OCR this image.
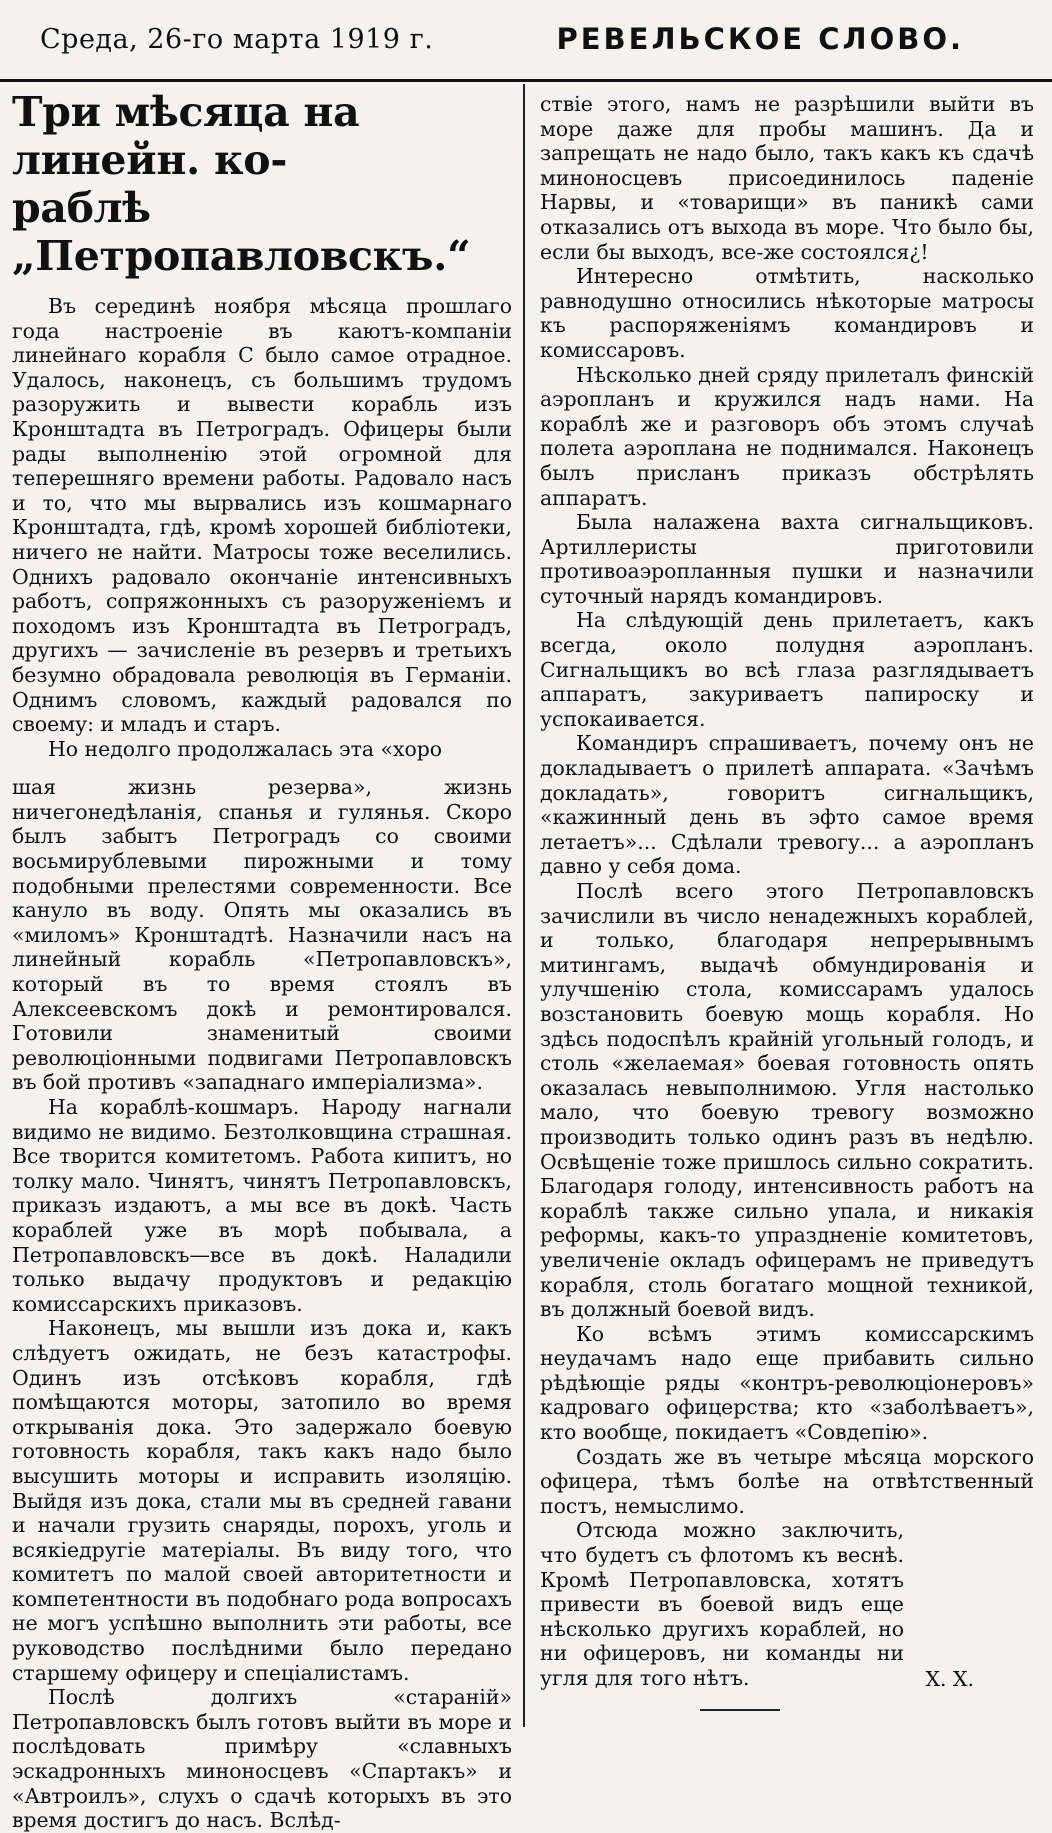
Среда, 26-го марта 1919 г.	РЕВЕЛЬСКОЕ СЛОВО.
Три мѣсяца на линейн. ко-
раблѣ „Петропавловскъ.“

Въ серединѣ ноября мѣсяца прошлаго года настроеніе въ каютъ-компаніи линейнаго корабля С было самое отрадное. Удалось, наконецъ, съ большимъ трудомъ разоружить и вывести корабль изъ Кронштадта въ Петроградъ. Офицеры были рады выполненію этой огромной для теперешняго времени работы. Радовало насъ и то, что мы вырвались изъ кошмарнаго Кронштадта, гдѣ, кромѣ хорошей библіотеки, ничего не найти. Матросы тоже веселились. Однихъ радовало окончаніе интенсивныхъ работъ, сопряжонныхъ съ разоруженіемъ и походомъ изъ Кронштадта въ Петроградъ, другихъ — зачисленіе въ резервъ и третьихъ безумно обрадовала революція въ Германіи. Однимъ словомъ, каждый радовался по своему: и младъ и старъ.

Но недолго продолжалась эта «хоро

шая жизнь резерва», жизнь ничегонедѣланія, спанья и гулянья. Скоро былъ забытъ Петроградъ со своими восьмирублевыми пирожными и тому подобными прелестями современности. Все кануло въ воду. Опять мы оказались въ «миломъ» Кронштадтѣ. Назначили насъ на линейный корабль «Петропавловскъ», который въ то время стоялъ въ Алексеевскомъ докѣ и ремонтировался. Готовили знаменитый своими революціонными подвигами Петропавловскъ въ бой противъ «западнаго имперіализма».

На кораблѣ-кошмаръ. Народу нагнали видимо не видимо. Безтолковщина страшная. Все творится комитетомъ. Работа кипитъ, но толку мало. Чинятъ, чинятъ Петропавловскъ, приказъ издаютъ, а мы все въ докѣ. Часть кораблей уже въ морѣ побывала, а Петропавловскъ—все въ докѣ. Наладили только выдачу продуктовъ и редакцію комиссарскихъ приказовъ.

Наконецъ, мы вышли изъ дока и, какъ слѣдуетъ ожидать, не безъ катастрофы. Одинъ изъ отсѣковъ корабля, гдѣ помѣщаются моторы, затопило во время открыванія дока. Это задержало боевую готовность корабля, такъ какъ надо было высушить моторы и исправить изоляцію. Выйдя изъ дока, стали мы въ средней гавани и начали грузить снаряды, порохъ, уголь и всякіедругіе матеріалы. Въ виду того, что комитетъ по малой своей авторитетности и компетентности въ подобнаго рода вопросахъ не могъ успѣшно выполнить эти работы, все руководство послѣдними было передано старшему офицеру и спеціалистамъ.

Послѣ долгихъ «стараній» Петропавловскъ былъ готовъ выйти въ море и послѣдовать примѣру «славныхъ эскадронныхъ миноносцевъ «Спартакъ» и «Автроилъ», слухъ о сдачѣ которыхъ въ это время достигъ до насъ. Вслѣд-

ствіе этого, намъ не разрѣшили выйти въ море даже для пробы машинъ. Да и запрещать не надо было, такъ какъ къ сдачѣ миноносцевъ присоединилось паденіе Нарвы, и «товарищи» въ паникѣ сами отказались отъ выхода въ море. Что было бы, если бы выходъ, все-же состоялся¿!

Интересно отмѣтить, насколько равнодушно относились нѣкоторые матросы къ распоряженіямъ командировъ и комиссаровъ.

Нѣсколько дней сряду прилеталъ финскій аэропланъ и кружился надъ нами. На кораблѣ же и разговоръ объ этомъ случаѣ полета аэроплана не поднимался. Наконецъ былъ присланъ приказъ обстрѣлять аппаратъ.

Была налажена вахта сигнальщиковъ. Артиллеристы приготовили противоаэропланныя пушки и назначили суточный нарядъ командировъ.

На слѣдующій день прилетаетъ, какъ всегда, около полудня аэропланъ. Сигнальщикъ во всѣ глаза разглядываетъ аппаратъ, закуриваетъ папироску и успокаивается.

Командиръ спрашиваетъ, почему онъ не докладываетъ о прилетѣ аппарата. «Зачѣмъ докладать», говоритъ сигнальщикъ, «кажинный день въ эфто самое время летаетъ»... Сдѣлали тревогу... а аэропланъ давно у себя дома.

Послѣ всего этого Петропавловскъ зачислили въ число ненадежныхъ кораблей, и только, благодаря непрерывнымъ митингамъ, выдачѣ обмундированія и улучшенію стола, комиссарамъ удалось возстановить боевую мощь корабля. Но здѣсь подоспѣлъ крайній угольный голодъ, и столь «желаемая» боевая готовность опять оказалась невыполнимою. Угля настолько мало, что боевую тревогу возможно производить только одинъ разъ въ недѣлю. Освѣщеніе тоже пришлось сильно сократить. Благодаря голоду, интенсивность работъ на кораблѣ также сильно упала, и никакія реформы, какъ-то упраздненіе комитетовъ, увеличеніе окладъ офицерамъ не приведутъ корабля, столь богатаго мощной техникой, въ должный боевой видъ.

Ко всѣмъ этимъ комиссарскимъ неудачамъ надо еще прибавить сильно рѣдѣющіе ряды «контръ-революціонеровъ» кадроваго офицерства; кто «заболѣваетъ», кто вообще, покидаетъ «Совдепію».

Создать же въ четыре мѣсяца морского офицера, тѣмъ болѣе на отвѣтственный постъ, немыслимо.

Отсюда можно заключить, что будетъ съ флотомъ къ веснѣ. Кромѣ Петропавловска, хотятъ привести въ боевой видъ еще нѣсколько другихъ кораблей, но ни офицеровъ, ни команды ни угля для того нѣтъ.	Х. Х.
